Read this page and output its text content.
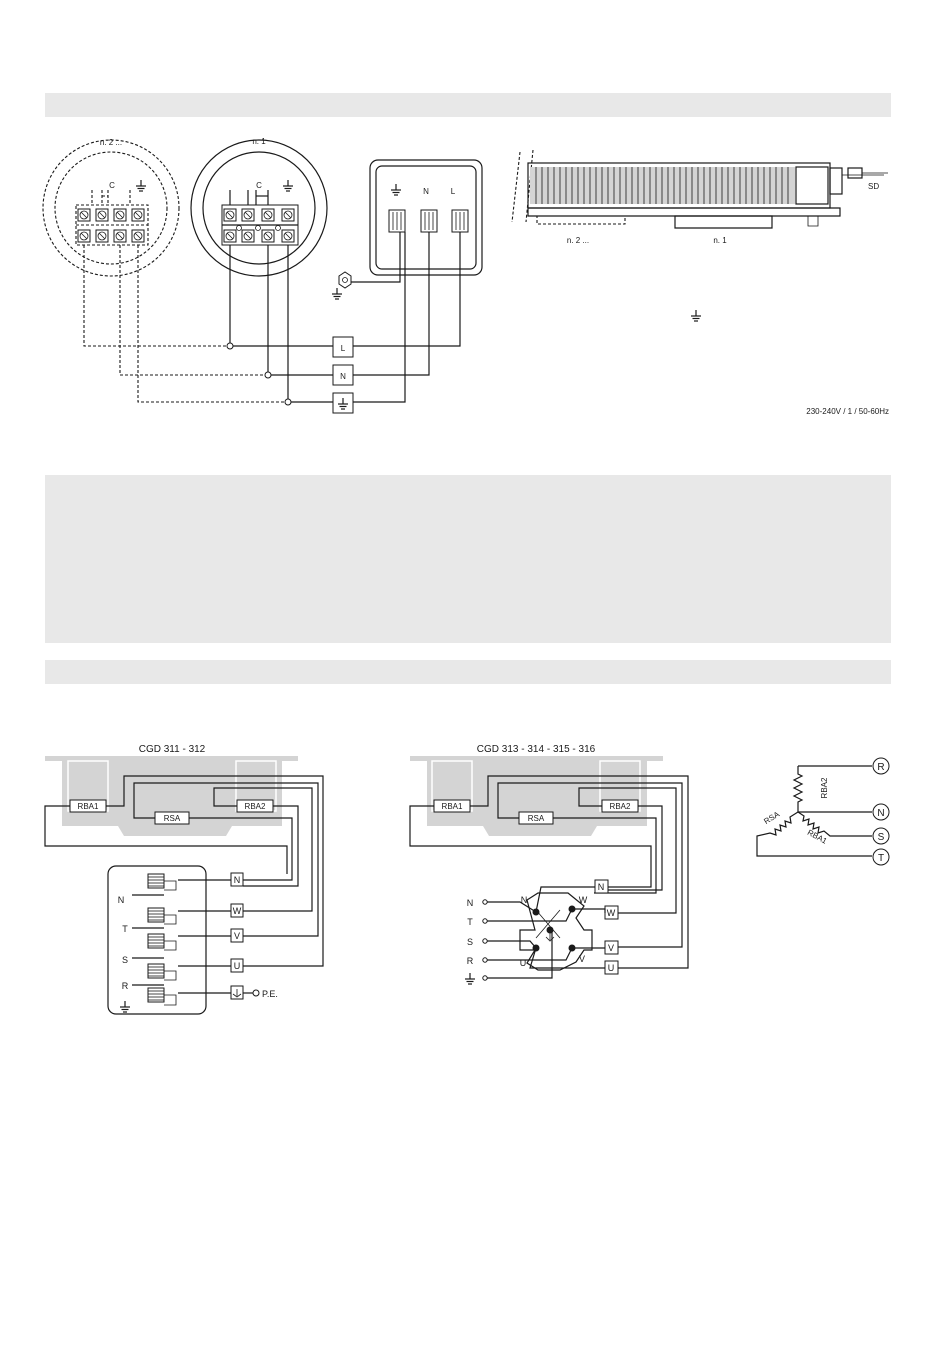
n. 2 ...
C
n. 1
C
N	L
L
N
SD
n. 2 ...	n. 1
230-240V / 1 / 50-60Hz
CGD 311 - 312
RBA1
RSA
RBA2
N
T
S
R
N
W
V
U
P.E.
CGD 313 - 314 - 315 - 316
RBA1
RSA
RBA2
N
W
V
U
N	W
U	V
N
T
S
R
R
N
S
T
RBA2
RSA
RBA1
